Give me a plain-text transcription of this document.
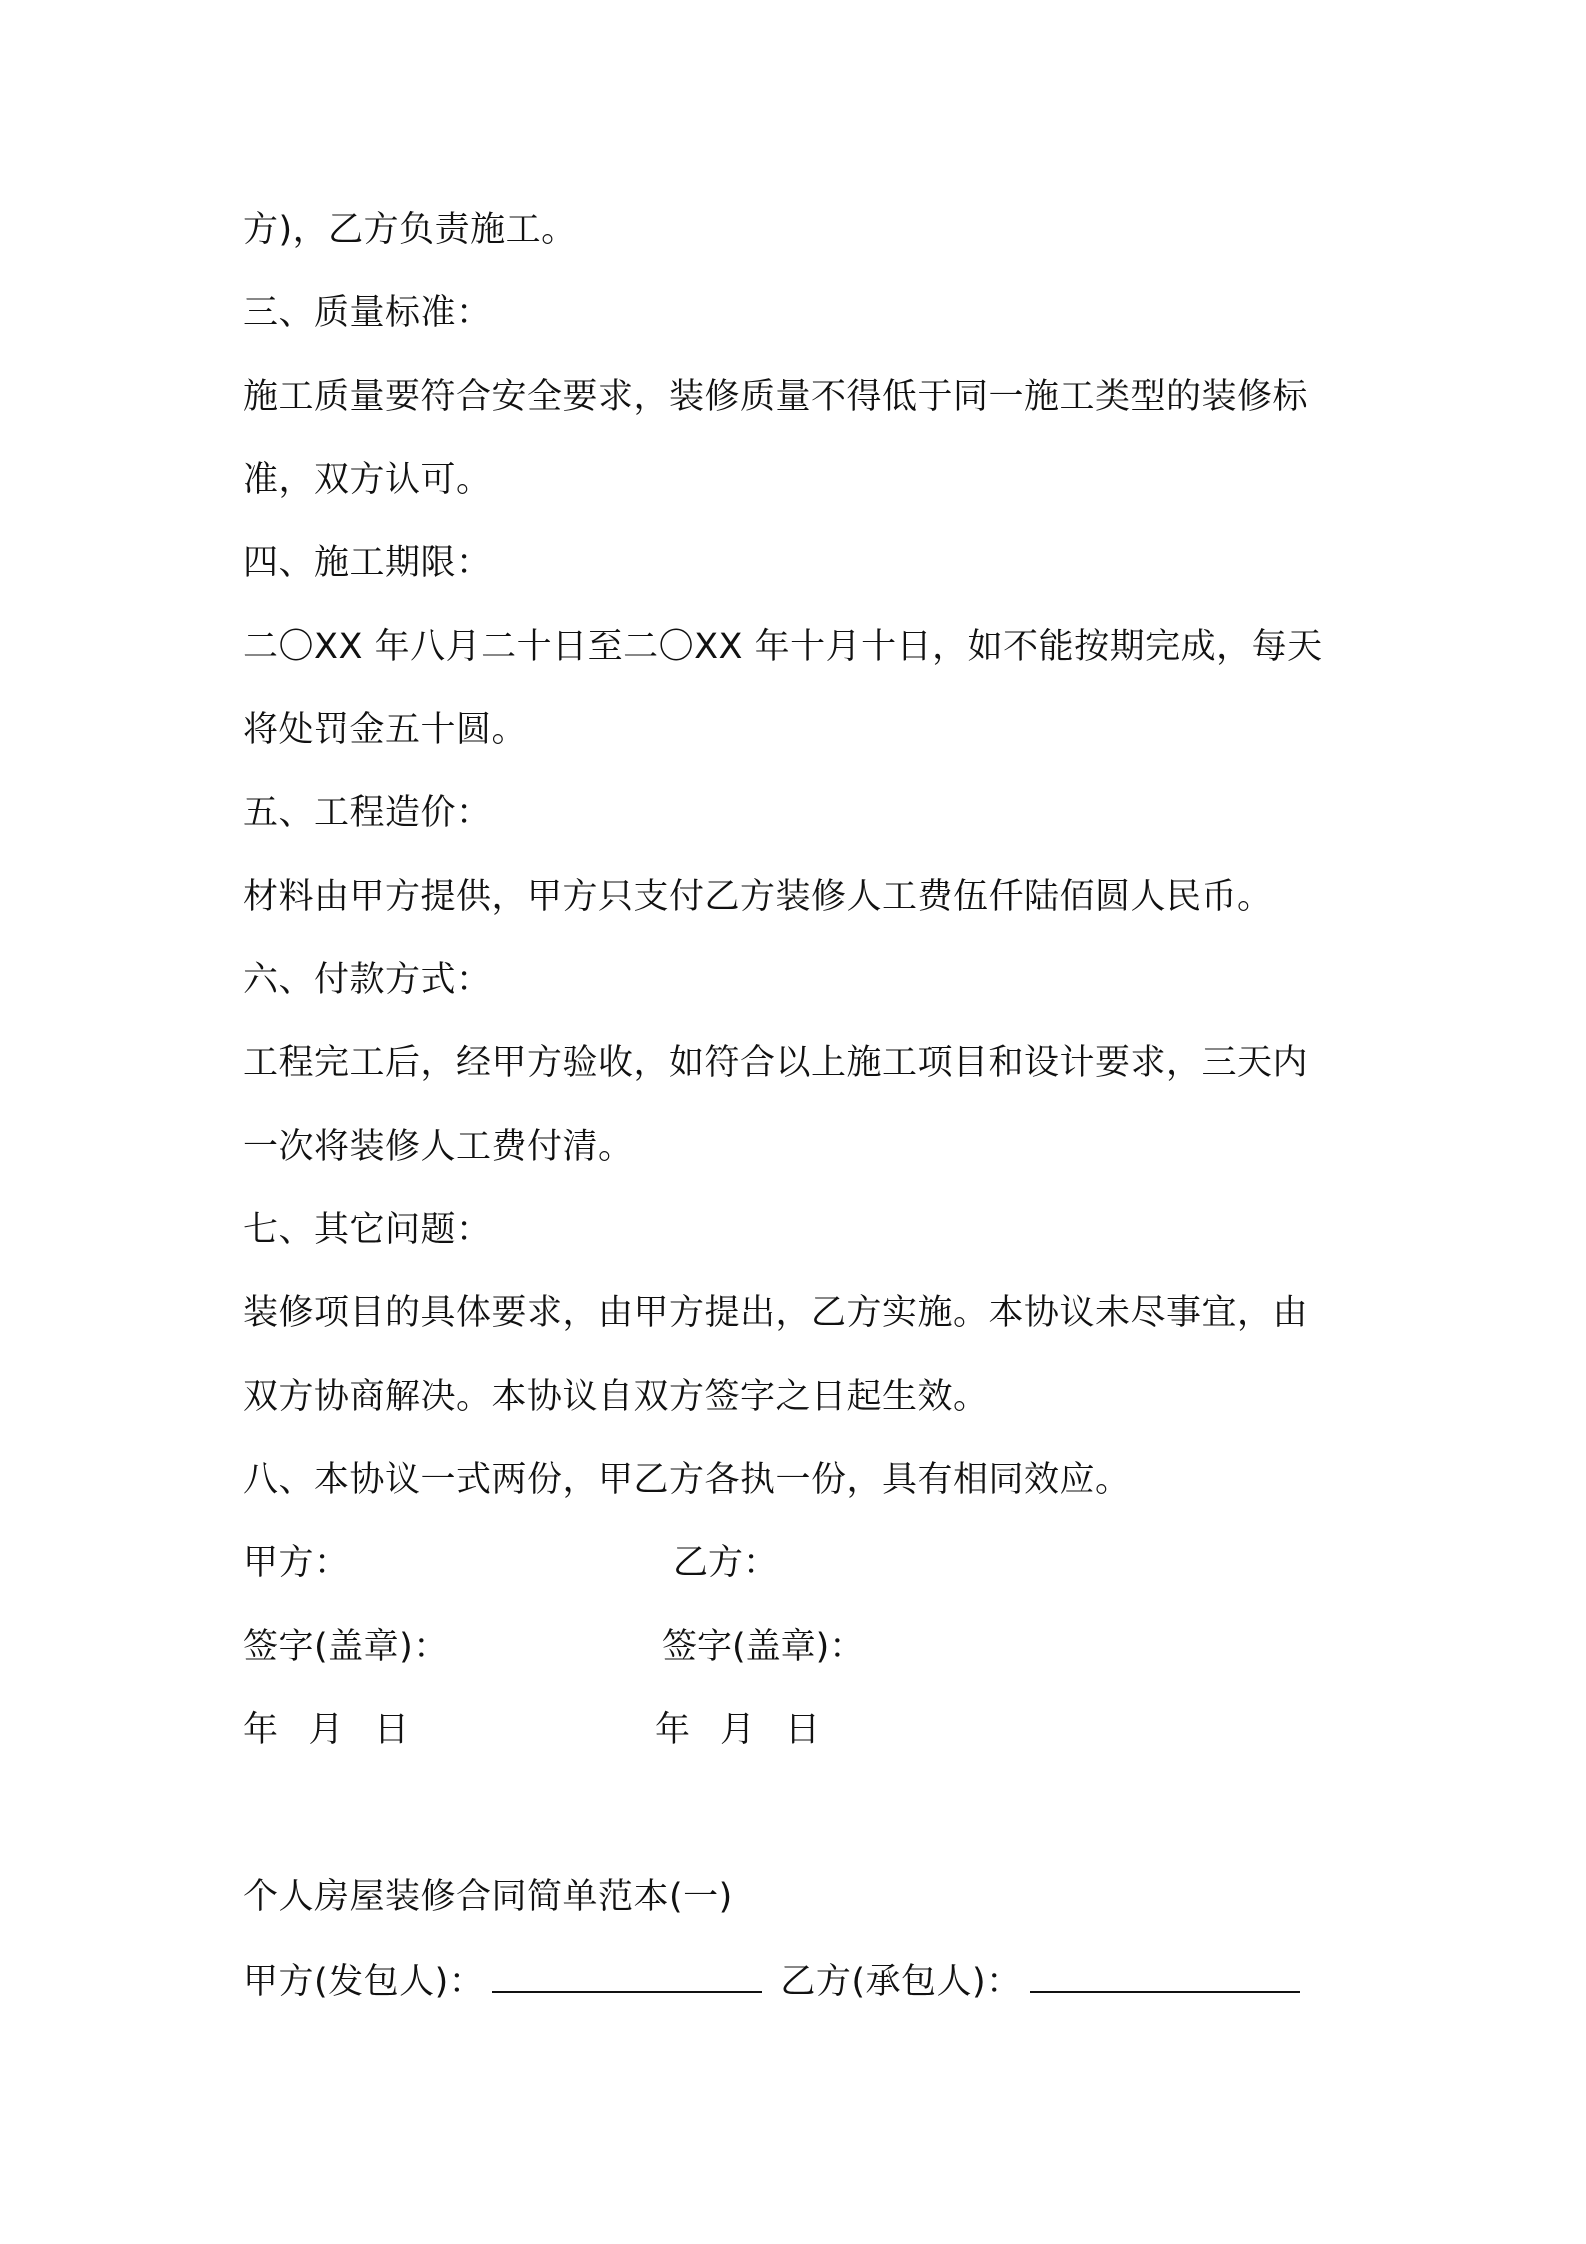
方)，乙方负责施工。
三、质量标准：
施工质量要符合安全要求，装修质量不得低于同一施工类型的装修标
准，双方认可。
四、施工期限：
二〇XX 年八月二十日至二〇XX 年十月十日，如不能按期完成，每天
将处罚金五十圆。
五、工程造价：
材料由甲方提供，甲方只支付乙方装修人工费伍仟陆佰圆人民币。
六、付款方式：
工程完工后，经甲方验收，如符合以上施工项目和设计要求，三天内
一次将装修人工费付清。
七、其它问题：
装修项目的具体要求，由甲方提出，乙方实施。本协议未尽事宜，由
双方协商解决。本协议自双方签字之日起生效。
八、本协议一式两份，甲乙方各执一份，具有相同效应。
甲方：	乙方：
签字(盖章)：	签字(盖章)：
年 月 日	年 月 日
个人房屋装修合同简单范本(一)
甲方(发包人)：	乙方(承包人)：
